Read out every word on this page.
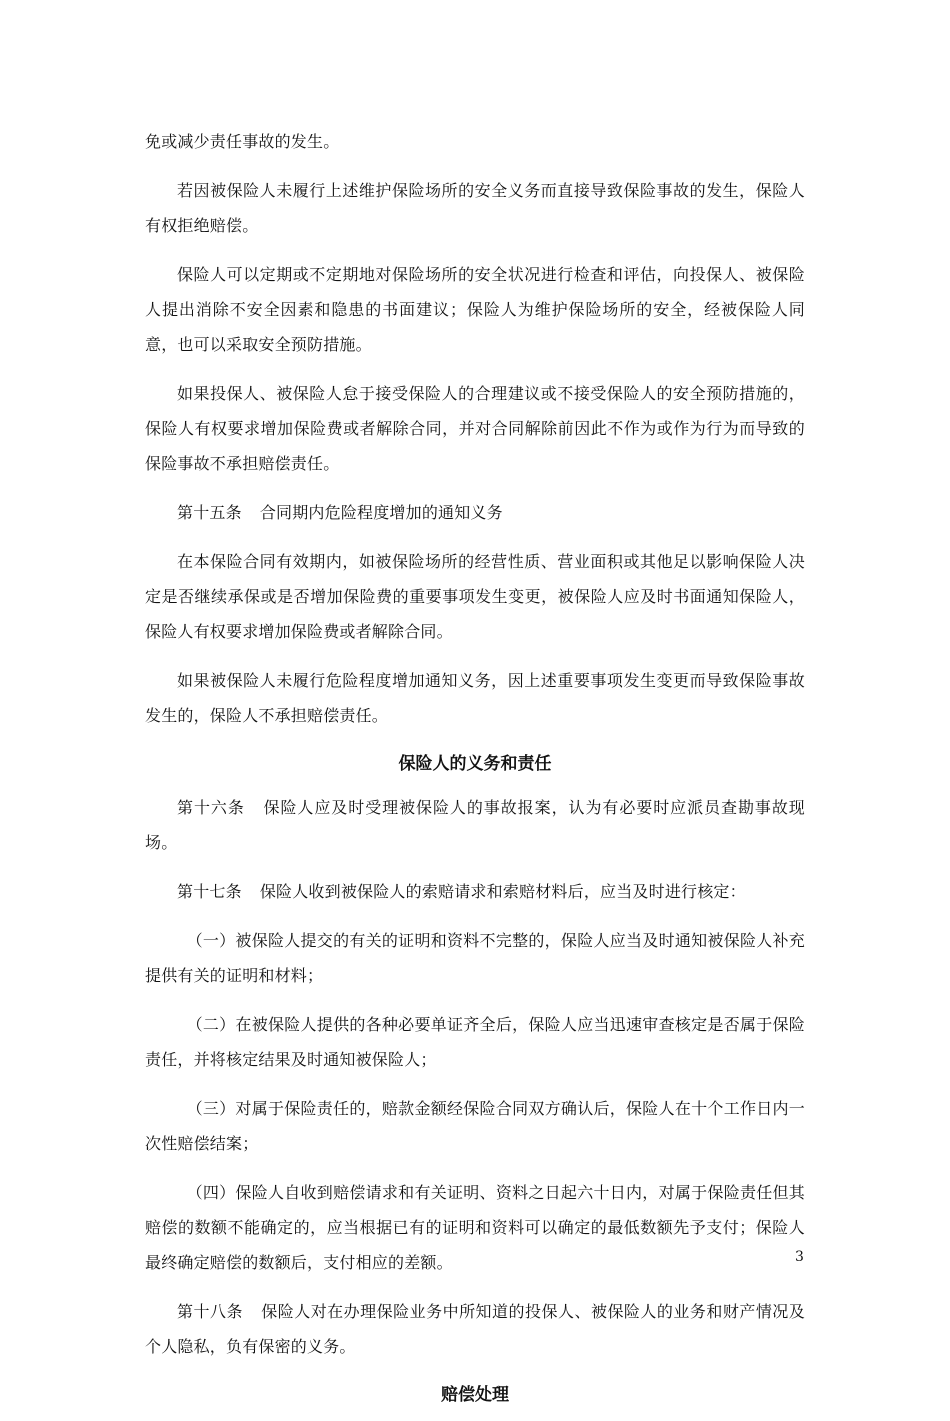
免或减少责任事故的发生。

若因被保险人未履行上述维护保险场所的安全义务而直接导致保险事故的发生，保险人有权拒绝赔偿。

保险人可以定期或不定期地对保险场所的安全状况进行检查和评估，向投保人、被保险人提出消除不安全因素和隐患的书面建议；保险人为维护保险场所的安全，经被保险人同意，也可以采取安全预防措施。

如果投保人、被保险人怠于接受保险人的合理建议或不接受保险人的安全预防措施的，保险人有权要求增加保险费或者解除合同，并对合同解除前因此不作为或作为行为而导致的保险事故不承担赔偿责任。

第十五条 合同期内危险程度增加的通知义务

在本保险合同有效期内，如被保险场所的经营性质、营业面积或其他足以影响保险人决定是否继续承保或是否增加保险费的重要事项发生变更，被保险人应及时书面通知保险人，保险人有权要求增加保险费或者解除合同。

如果被保险人未履行危险程度增加通知义务，因上述重要事项发生变更而导致保险事故发生的，保险人不承担赔偿责任。

保险人的义务和责任

第十六条 保险人应及时受理被保险人的事故报案，认为有必要时应派员查勘事故现场。

第十七条 保险人收到被保险人的索赔请求和索赔材料后，应当及时进行核定：

（一）被保险人提交的有关的证明和资料不完整的，保险人应当及时通知被保险人补充提供有关的证明和材料；

（二）在被保险人提供的各种必要单证齐全后，保险人应当迅速审查核定是否属于保险责任，并将核定结果及时通知被保险人；

（三）对属于保险责任的，赔款金额经保险合同双方确认后，保险人在十个工作日内一次性赔偿结案；

（四）保险人自收到赔偿请求和有关证明、资料之日起六十日内，对属于保险责任但其赔偿的数额不能确定的，应当根据已有的证明和资料可以确定的最低数额先予支付；保险人最终确定赔偿的数额后，支付相应的差额。

第十八条 保险人对在办理保险业务中所知道的投保人、被保险人的业务和财产情况及个人隐私，负有保密的义务。

赔偿处理
3
